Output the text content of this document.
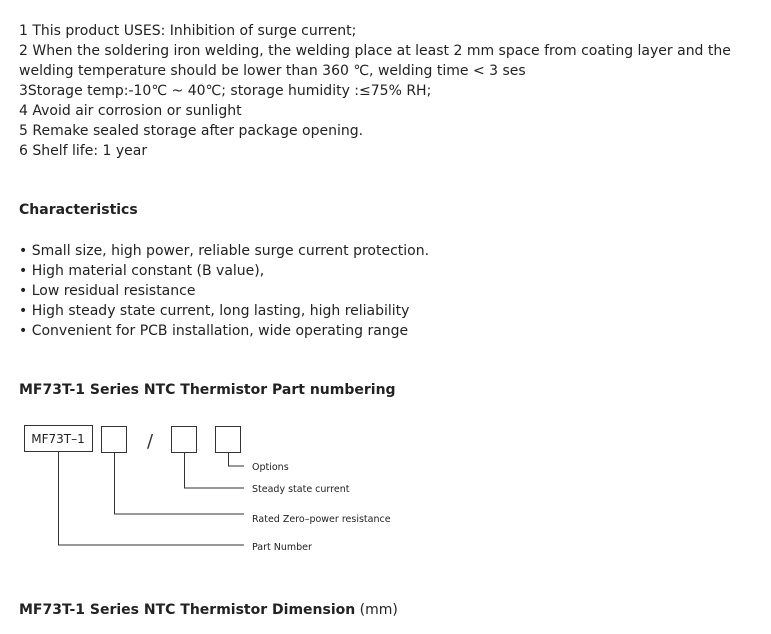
1 This product USES: Inhibition of surge current;
2 When the soldering iron welding, the welding place at least 2 mm space from coating layer and the welding temperature should be lower than 360 ℃, welding time < 3 ses
3Storage temp:-10℃ ~ 40℃; storage humidity :≤75% RH;
4 Avoid air corrosion or sunlight
5 Remake sealed storage after package opening.
6 Shelf life: 1 year
Characteristics
• Small size, high power, reliable surge current protection.
• High material constant (B value),
• Low residual resistance
• High steady state current, long lasting, high reliability
• Convenient for PCB installation, wide operating range
MF73T-1 Series NTC Thermistor Part numbering
MF73T–1	/
Options
Steady state current
Rated Zero–power resistance
Part Number
MF73T-1 Series NTC Thermistor Dimension (mm)
